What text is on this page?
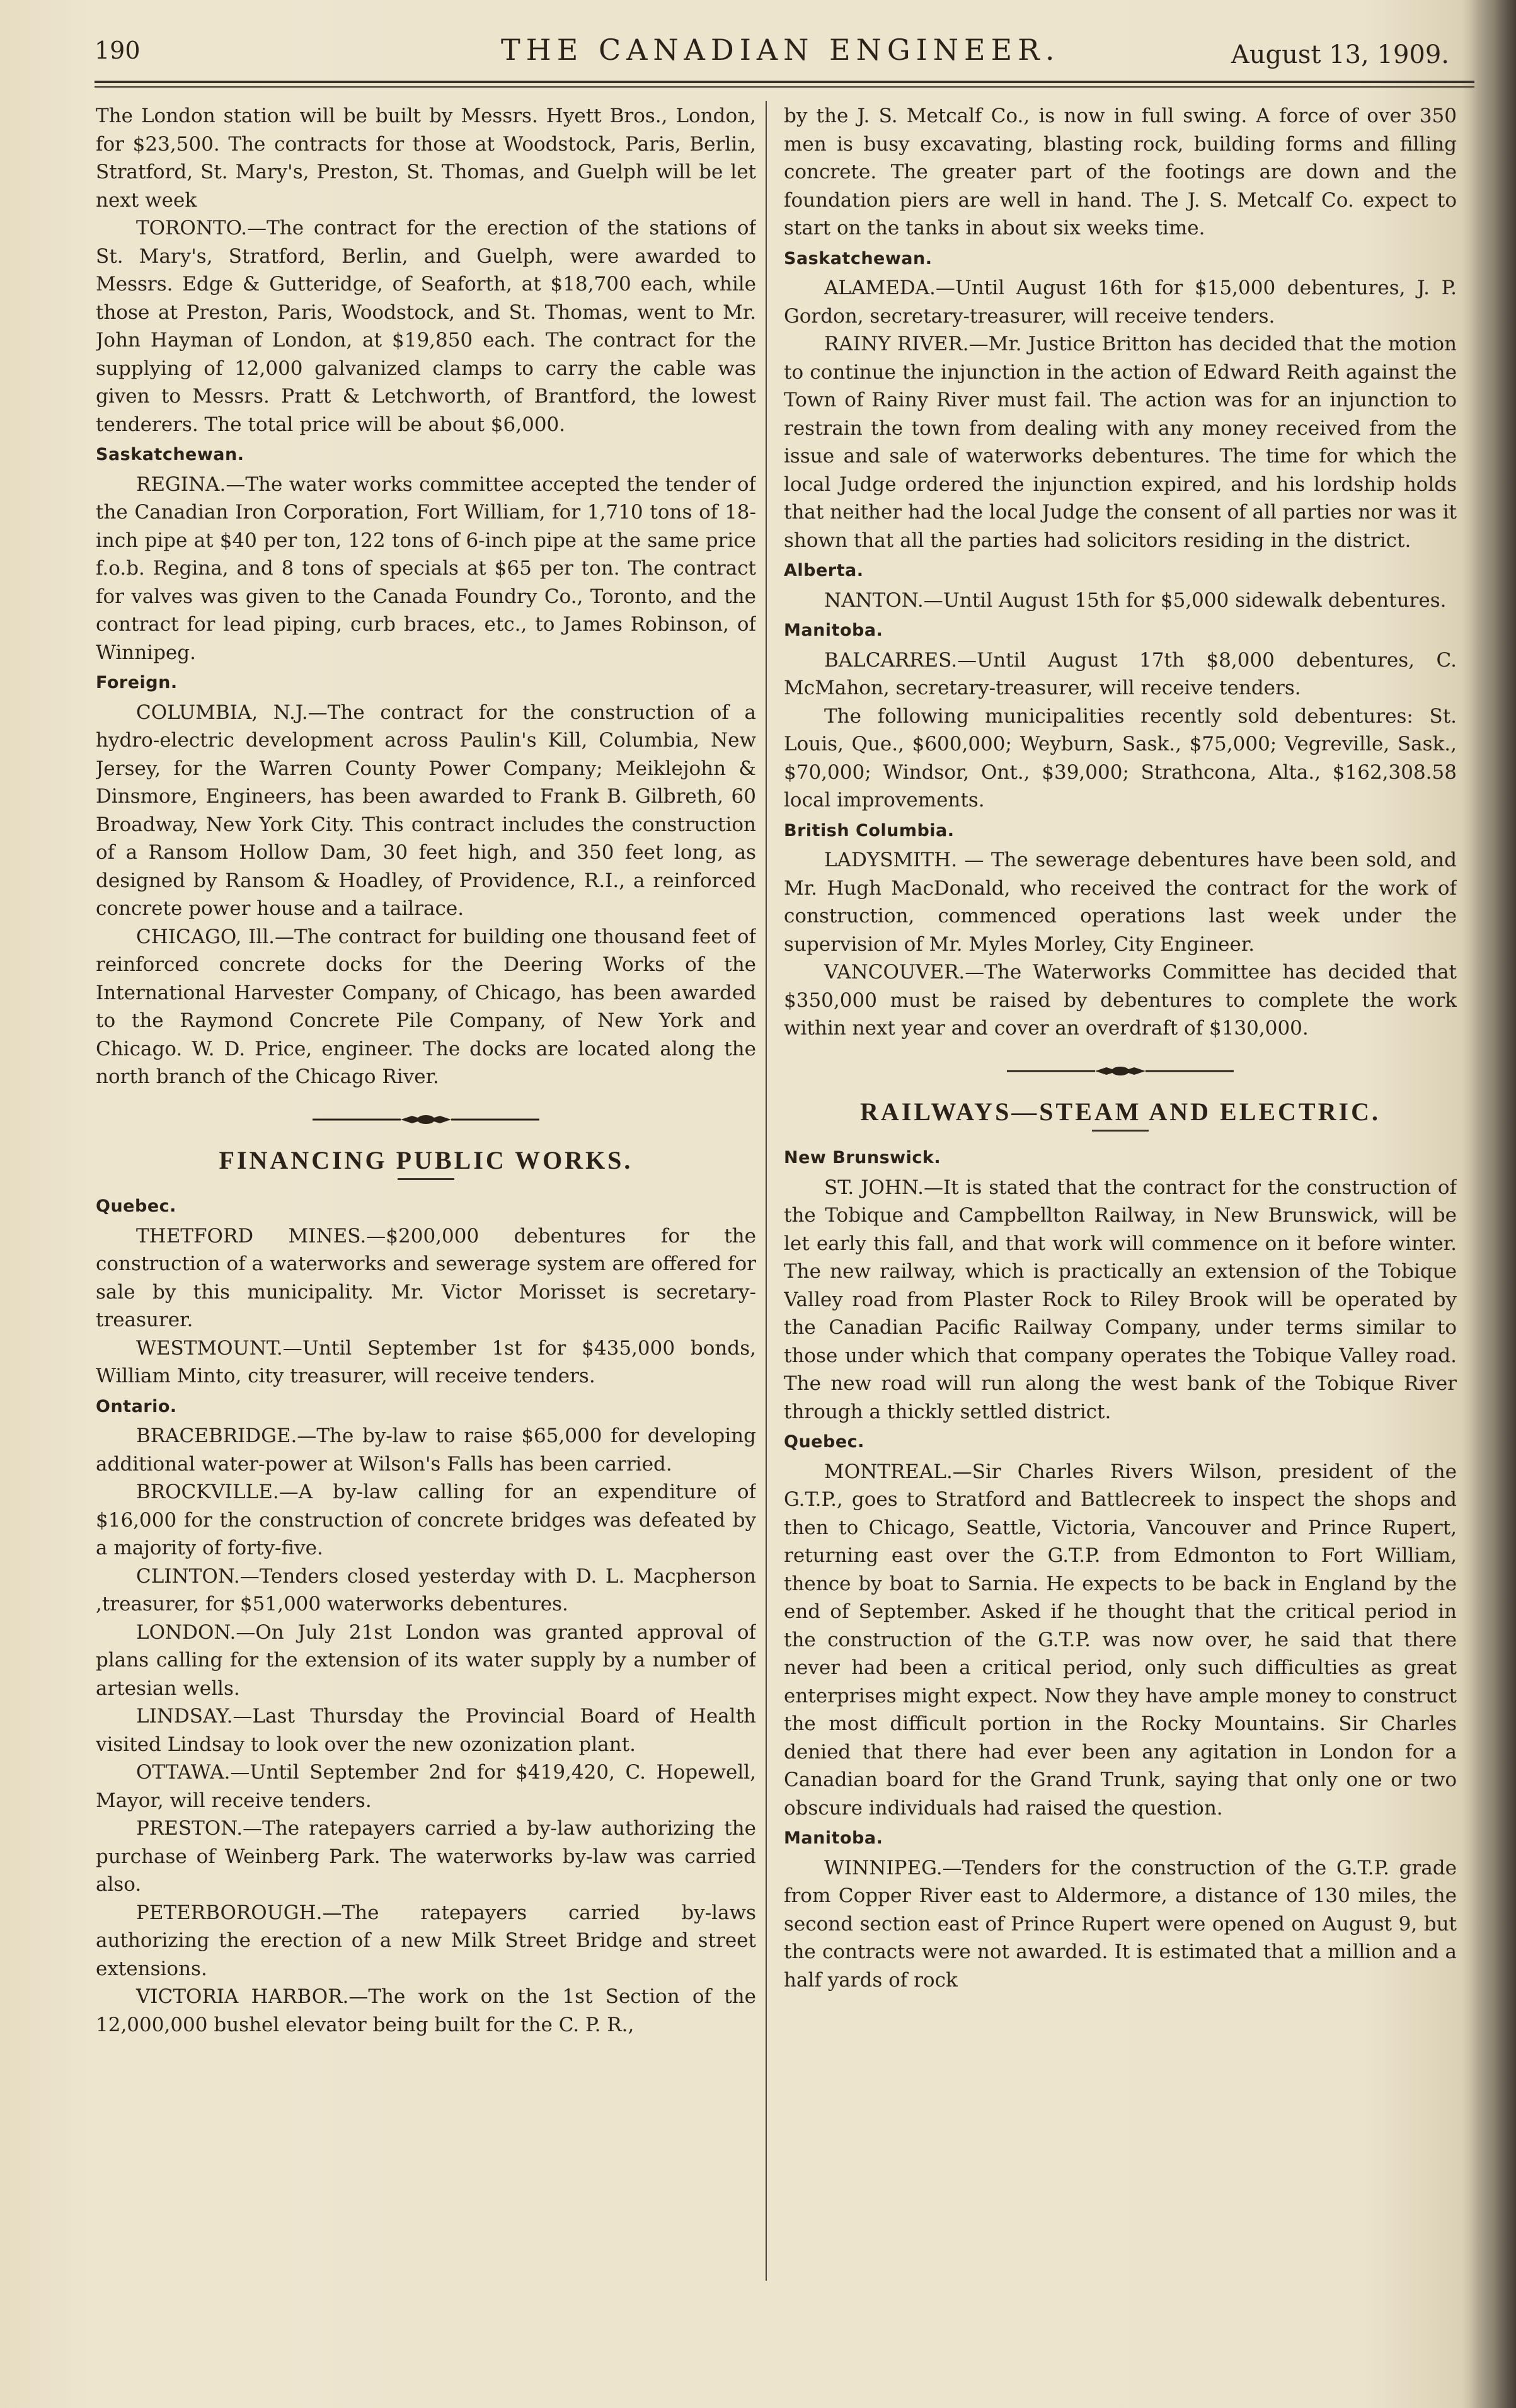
190	THE CANADIAN ENGINEER.	August 13, 1909.

The London station will be built by Messrs. Hyett Bros., London, for $23,500. The contracts for those at Woodstock, Paris, Berlin, Stratford, St. Mary's, Preston, St. Thomas, and Guelph will be let next week

TORONTO.—The contract for the erection of the stations of St. Mary's, Stratford, Berlin, and Guelph, were awarded to Messrs. Edge & Gutteridge, of Seaforth, at $18,700 each, while those at Preston, Paris, Woodstock, and St. Thomas, went to Mr. John Hayman of London, at $19,850 each. The contract for the supplying of 12,000 galvanized clamps to carry the cable was given to Messrs. Pratt & Letchworth, of Brantford, the lowest tenderers. The total price will be about $6,000.

Saskatchewan.

REGINA.—The water works committee accepted the tender of the Canadian Iron Corporation, Fort William, for 1,710 tons of 18-inch pipe at $40 per ton, 122 tons of 6-inch pipe at the same price f.o.b. Regina, and 8 tons of specials at $65 per ton. The contract for valves was given to the Canada Foundry Co., Toronto, and the contract for lead piping, curb braces, etc., to James Robinson, of Winnipeg.

Foreign.

COLUMBIA, N.J.—The contract for the construction of a hydro-electric development across Paulin's Kill, Columbia, New Jersey, for the Warren County Power Company; Meiklejohn & Dinsmore, Engineers, has been awarded to Frank B. Gilbreth, 60 Broadway, New York City. This contract includes the construction of a Ransom Hollow Dam, 30 feet high, and 350 feet long, as designed by Ransom & Hoadley, of Providence, R.I., a reinforced concrete power house and a tailrace.

CHICAGO, Ill.—The contract for building one thousand feet of reinforced concrete docks for the Deering Works of the International Harvester Company, of Chicago, has been awarded to the Raymond Concrete Pile Company, of New York and Chicago. W. D. Price, engineer. The docks are located along the north branch of the Chicago River.

FINANCING PUBLIC WORKS.
Quebec.

THETFORD MINES.—$200,000 debentures for the construction of a waterworks and sewerage system are offered for sale by this municipality. Mr. Victor Morisset is secretary-treasurer.

WESTMOUNT.—Until September 1st for $435,000 bonds, William Minto, city treasurer, will receive tenders.

Ontario.

BRACEBRIDGE.—The by-law to raise $65,000 for developing additional water-power at Wilson's Falls has been carried.

BROCKVILLE.—A by-law calling for an expenditure of $16,000 for the construction of concrete bridges was defeated by a majority of forty-five.

CLINTON.—Tenders closed yesterday with D. L. Macpherson ,treasurer, for $51,000 waterworks debentures.

LONDON.—On July 21st London was granted approval of plans calling for the extension of its water supply by a number of artesian wells.

LINDSAY.—Last Thursday the Provincial Board of Health visited Lindsay to look over the new ozonization plant.

OTTAWA.—Until September 2nd for $419,420, C. Hopewell, Mayor, will receive tenders.

PRESTON.—The ratepayers carried a by-law authorizing the purchase of Weinberg Park. The waterworks by-law was carried also.

PETERBOROUGH.—The ratepayers carried by-laws authorizing the erection of a new Milk Street Bridge and street extensions.

VICTORIA HARBOR.—The work on the 1st Section of the 12,000,000 bushel elevator being built for the C. P. R.,

by the J. S. Metcalf Co., is now in full swing. A force of over 350 men is busy excavating, blasting rock, building forms and filling concrete. The greater part of the footings are down and the foundation piers are well in hand. The J. S. Metcalf Co. expect to start on the tanks in about six weeks time.

Saskatchewan.

ALAMEDA.—Until August 16th for $15,000 debentures, J. P. Gordon, secretary-treasurer, will receive tenders.

RAINY RIVER.—Mr. Justice Britton has decided that the motion to continue the injunction in the action of Edward Reith against the Town of Rainy River must fail. The action was for an injunction to restrain the town from dealing with any money received from the issue and sale of waterworks debentures. The time for which the local Judge ordered the injunction expired, and his lordship holds that neither had the local Judge the consent of all parties nor was it shown that all the parties had solicitors residing in the district.

Alberta.

NANTON.—Until August 15th for $5,000 sidewalk debentures.

Manitoba.

BALCARRES.—Until August 17th $8,000 debentures, C. McMahon, secretary-treasurer, will receive tenders.

The following municipalities recently sold debentures: St. Louis, Que., $600,000; Weyburn, Sask., $75,000; Vegreville, Sask., $70,000; Windsor, Ont., $39,000; Strathcona, Alta., $162,308.58 local improvements.

British Columbia.

LADYSMITH. — The sewerage debentures have been sold, and Mr. Hugh MacDonald, who received the contract for the work of construction, commenced operations last week under the supervision of Mr. Myles Morley, City Engineer.

VANCOUVER.—The Waterworks Committee has decided that $350,000 must be raised by debentures to complete the work within next year and cover an overdraft of $130,000.

RAILWAYS—STEAM AND ELECTRIC.
New Brunswick.

ST. JOHN.—It is stated that the contract for the construction of the Tobique and Campbellton Railway, in New Brunswick, will be let early this fall, and that work will commence on it before winter. The new railway, which is practically an extension of the Tobique Valley road from Plaster Rock to Riley Brook will be operated by the Canadian Pacific Railway Company, under terms similar to those under which that company operates the Tobique Valley road. The new road will run along the west bank of the Tobique River through a thickly settled district.

Quebec.

MONTREAL.—Sir Charles Rivers Wilson, president of the G.T.P., goes to Stratford and Battlecreek to inspect the shops and then to Chicago, Seattle, Victoria, Vancouver and Prince Rupert, returning east over the G.T.P. from Edmonton to Fort William, thence by boat to Sarnia. He expects to be back in England by the end of September. Asked if he thought that the critical period in the construction of the G.T.P. was now over, he said that there never had been a critical period, only such difficulties as great enterprises might expect. Now they have ample money to construct the most difficult portion in the Rocky Mountains. Sir Charles denied that there had ever been any agitation in London for a Canadian board for the Grand Trunk, saying that only one or two obscure individuals had raised the question.

Manitoba.

WINNIPEG.—Tenders for the construction of the G.T.P. grade from Copper River east to Aldermore, a distance of 130 miles, the second section east of Prince Rupert were opened on August 9, but the contracts were not awarded. It is estimated that a million and a half yards of rock
